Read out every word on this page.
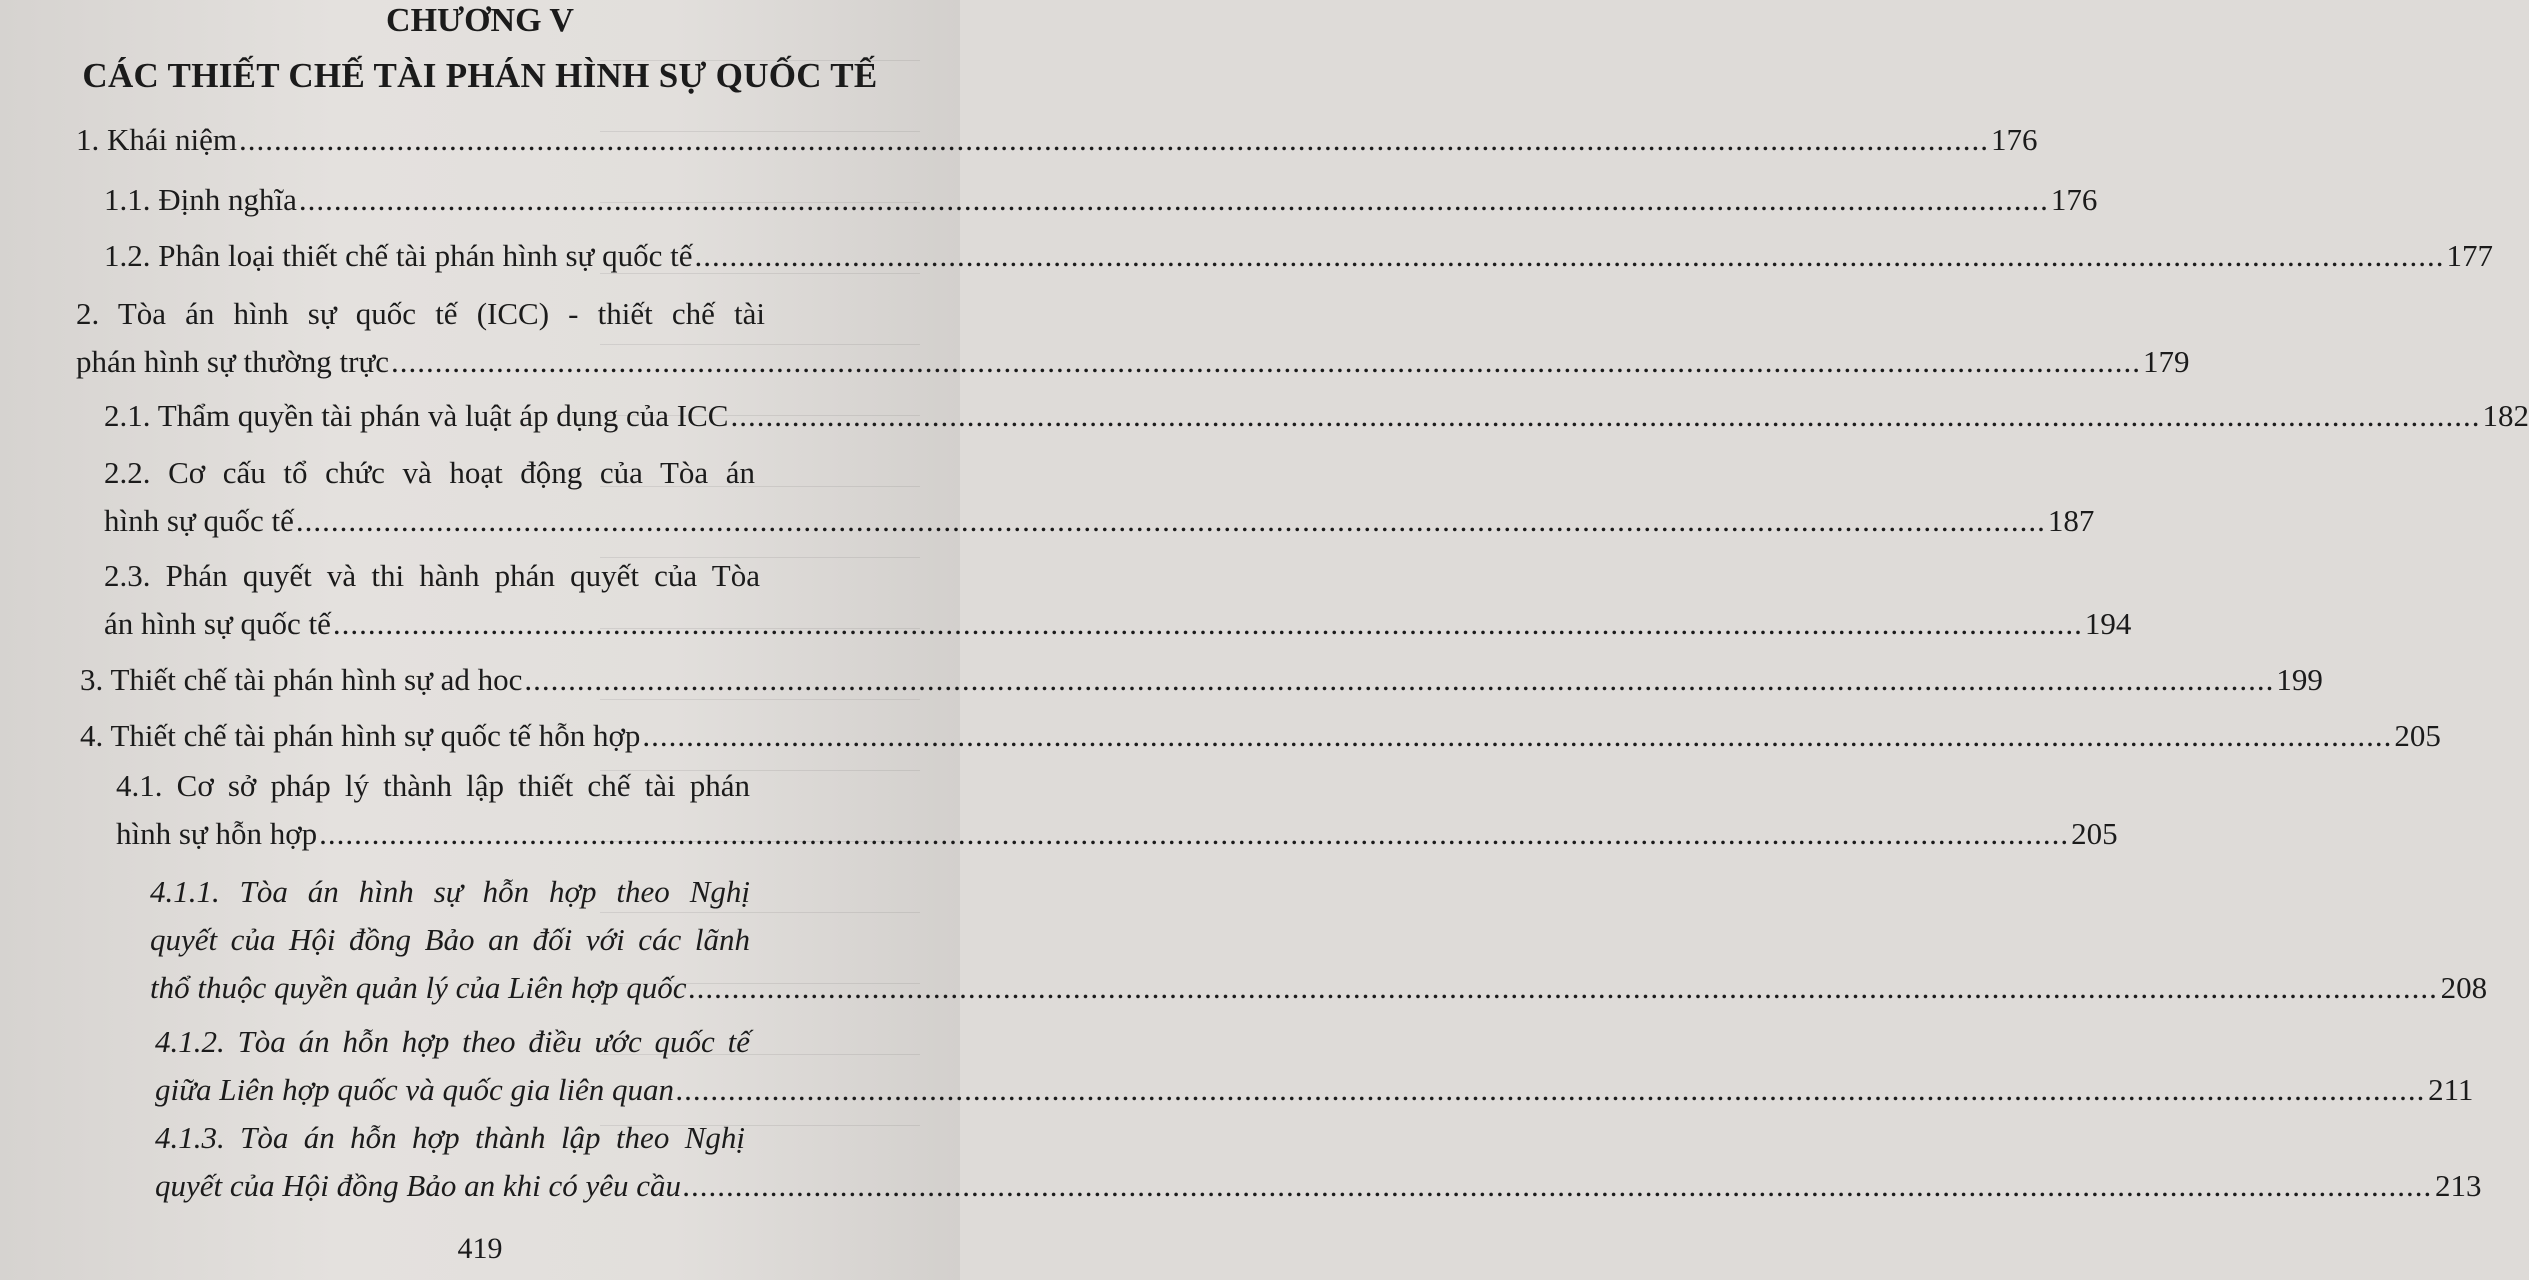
CHƯƠNG V
CÁC THIẾT CHẾ TÀI PHÁN HÌNH SỰ QUỐC TẾ
1. Khái niệm ........................................................................................................................................................................................................ 176
1.1. Định nghĩa ........................................................................................................................................................................................................ 176
1.2. Phân loại thiết chế tài phán hình sự quốc tế ........................................................................................................................................................................................................ 177
2. Tòa án hình sự quốc tế (ICC) - thiết chế tài
phán hình sự thường trực ........................................................................................................................................................................................................ 179
2.1. Thẩm quyền tài phán và luật áp dụng của ICC ........................................................................................................................................................................................................ 182
2.2. Cơ cấu tổ chức và hoạt động của Tòa án
hình sự quốc tế ........................................................................................................................................................................................................ 187
2.3. Phán quyết và thi hành phán quyết của Tòa
án hình sự quốc tế ........................................................................................................................................................................................................ 194
3. Thiết chế tài phán hình sự ad hoc ........................................................................................................................................................................................................ 199
4. Thiết chế tài phán hình sự quốc tế hỗn hợp ........................................................................................................................................................................................................ 205
4.1. Cơ sở pháp lý thành lập thiết chế tài phán
hình sự hỗn hợp ........................................................................................................................................................................................................ 205
4.1.1. Tòa án hình sự hỗn hợp theo Nghị
quyết của Hội đồng Bảo an đối với các lãnh
thổ thuộc quyền quản lý của Liên hợp quốc ........................................................................................................................................................................................................ 208
4.1.2. Tòa án hỗn hợp theo điều ước quốc tế
giữa Liên hợp quốc và quốc gia liên quan ........................................................................................................................................................................................................ 211
4.1.3. Tòa án hỗn hợp thành lập theo Nghị
quyết của Hội đồng Bảo an khi có yêu cầu ........................................................................................................................................................................................................ 213
419
